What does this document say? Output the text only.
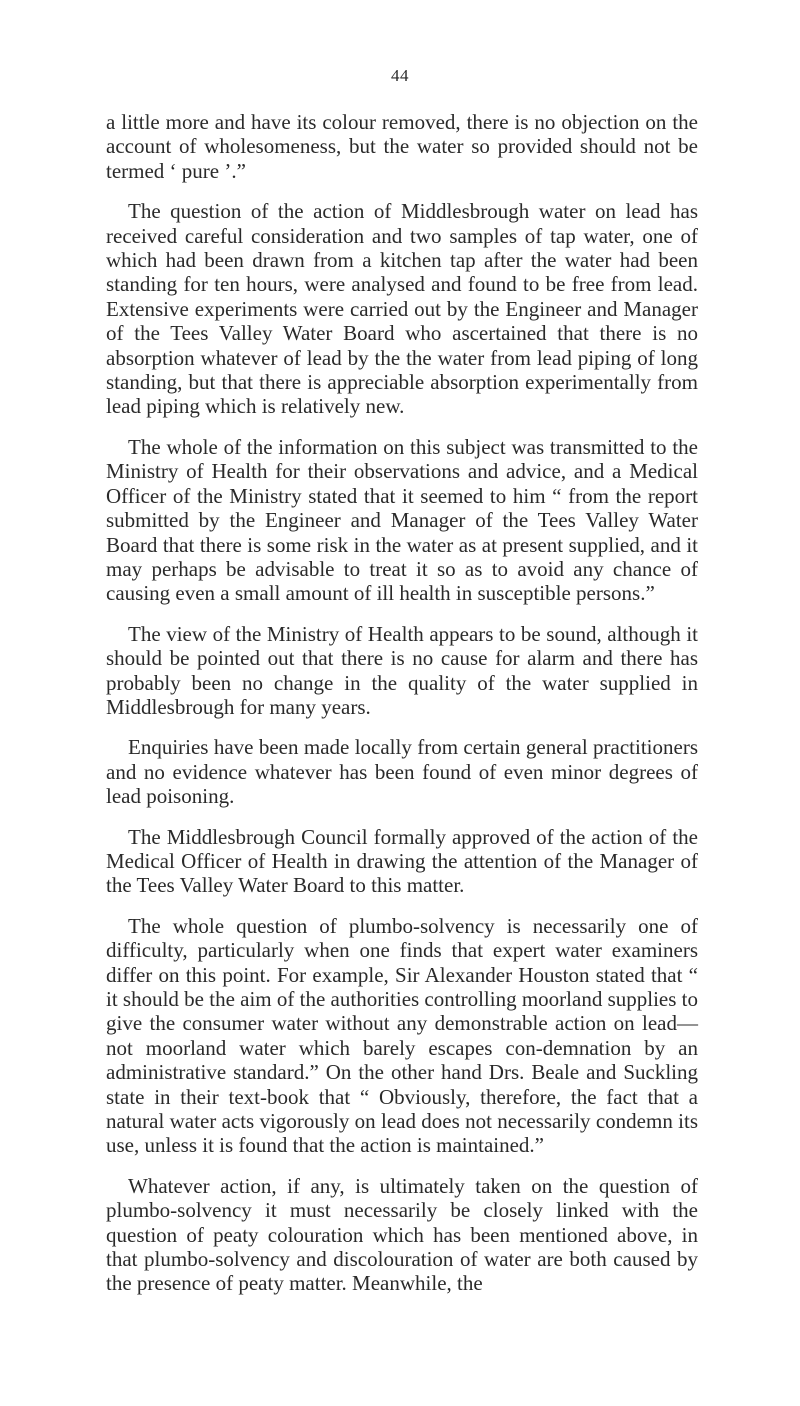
44

a little more and have its colour removed, there is no objection on the account of wholesomeness, but the water so provided should not be termed ‘ pure ’.”

The question of the action of Middlesbrough water on lead has received careful consideration and two samples of tap water, one of which had been drawn from a kitchen tap after the water had been standing for ten hours, were analysed and found to be free from lead. Extensive experiments were carried out by the Engineer and Manager of the Tees Valley Water Board who ascertained that there is no absorption whatever of lead by the the water from lead piping of long standing, but that there is appreciable absorption experimentally from lead piping which is relatively new.

The whole of the information on this subject was transmitted to the Ministry of Health for their observations and advice, and a Medical Officer of the Ministry stated that it seemed to him “ from the report submitted by the Engineer and Manager of the Tees Valley Water Board that there is some risk in the water as at present supplied, and it may perhaps be advisable to treat it so as to avoid any chance of causing even a small amount of ill health in susceptible persons.”

The view of the Ministry of Health appears to be sound, although it should be pointed out that there is no cause for alarm and there has probably been no change in the quality of the water supplied in Middlesbrough for many years.

Enquiries have been made locally from certain general practitioners and no evidence whatever has been found of even minor degrees of lead poisoning.

The Middlesbrough Council formally approved of the action of the Medical Officer of Health in drawing the attention of the Manager of the Tees Valley Water Board to this matter.

The whole question of plumbo-solvency is necessarily one of difficulty, particularly when one finds that expert water examiners differ on this point. For example, Sir Alexander Houston stated that “ it should be the aim of the authorities controlling moorland supplies to give the consumer water without any demonstrable action on lead—not moorland water which barely escapes con-demnation by an administrative standard.” On the other hand Drs. Beale and Suckling state in their text-book that “ Obviously, therefore, the fact that a natural water acts vigorously on lead does not necessarily condemn its use, unless it is found that the action is maintained.”

Whatever action, if any, is ultimately taken on the question of plumbo-solvency it must necessarily be closely linked with the question of peaty colouration which has been mentioned above, in that plumbo-solvency and discolouration of water are both caused by the presence of peaty matter. Meanwhile, the
